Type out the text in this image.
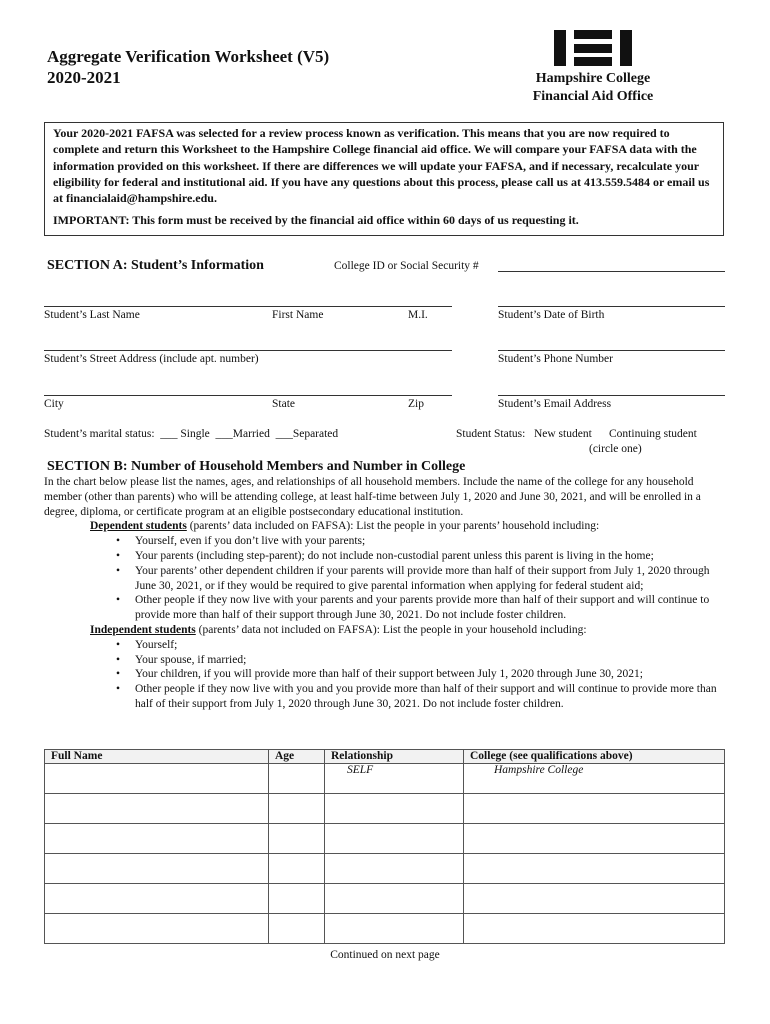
Aggregate Verification Worksheet (V5)
2020-2021	Hampshire College
Financial Aid Office

Your 2020-2021 FAFSA was selected for a review process known as verification. This means that you are now required to complete and return this Worksheet to the Hampshire College financial aid office. We will compare your FAFSA data with the information provided on this worksheet. If there are differences we will update your FAFSA, and if necessary, recalculate your eligibility for federal and institutional aid. If you have any questions about this process, please call us at 413.559.5484 or email us at financialaid@hampshire.edu.

IMPORTANT: This form must be received by the financial aid office within 60 days of us requesting it.

SECTION A: Student’s Information	College ID or Social Security #
Student’s Last Name	First Name	M.I.	Student’s Date of Birth
Student’s Street Address (include apt. number)	Student’s Phone Number
City	State	Zip	Student’s Email Address
Student’s marital status:  ___ Single  ___Married  ___Separated	Student Status:   New student      Continuing student
(circle one)
SECTION B: Number of Household Members and Number in College
In the chart below please list the names, ages, and relationships of all household members. Include the name of the college for any household member (other than parents) who will be attending college, at least half-time between July 1, 2020 and June 30, 2021, and will be enrolled in a degree, diploma, or certificate program at an eligible postsecondary educational institution.
Dependent students (parents’ data included on FAFSA): List the people in your parents’ household including:
• Yourself, even if you don’t live with your parents;
• Your parents (including step-parent); do not include non-custodial parent unless this parent is living in the home;
• Your parents’ other dependent children if your parents will provide more than half of their support from July 1, 2020 through June 30, 2021, or if they would be required to give parental information when applying for federal student aid;
• Other people if they now live with your parents and your parents provide more than half of their support and will continue to provide more than half of their support through June 30, 2021. Do not include foster children.
Independent students (parents’ data not included on FAFSA): List the people in your household including:
• Yourself;
• Your spouse, if married;
• Your children, if you will provide more than half of their support between July 1, 2020 through June 30, 2021;
• Other people if they now live with you and you provide more than half of their support and will continue to provide more than half of their support from July 1, 2020 through June 30, 2021. Do not include foster children.
Full Name	Age	Relationship	College (see qualifications above)
		SELF	Hampshire College

Continued on next page
